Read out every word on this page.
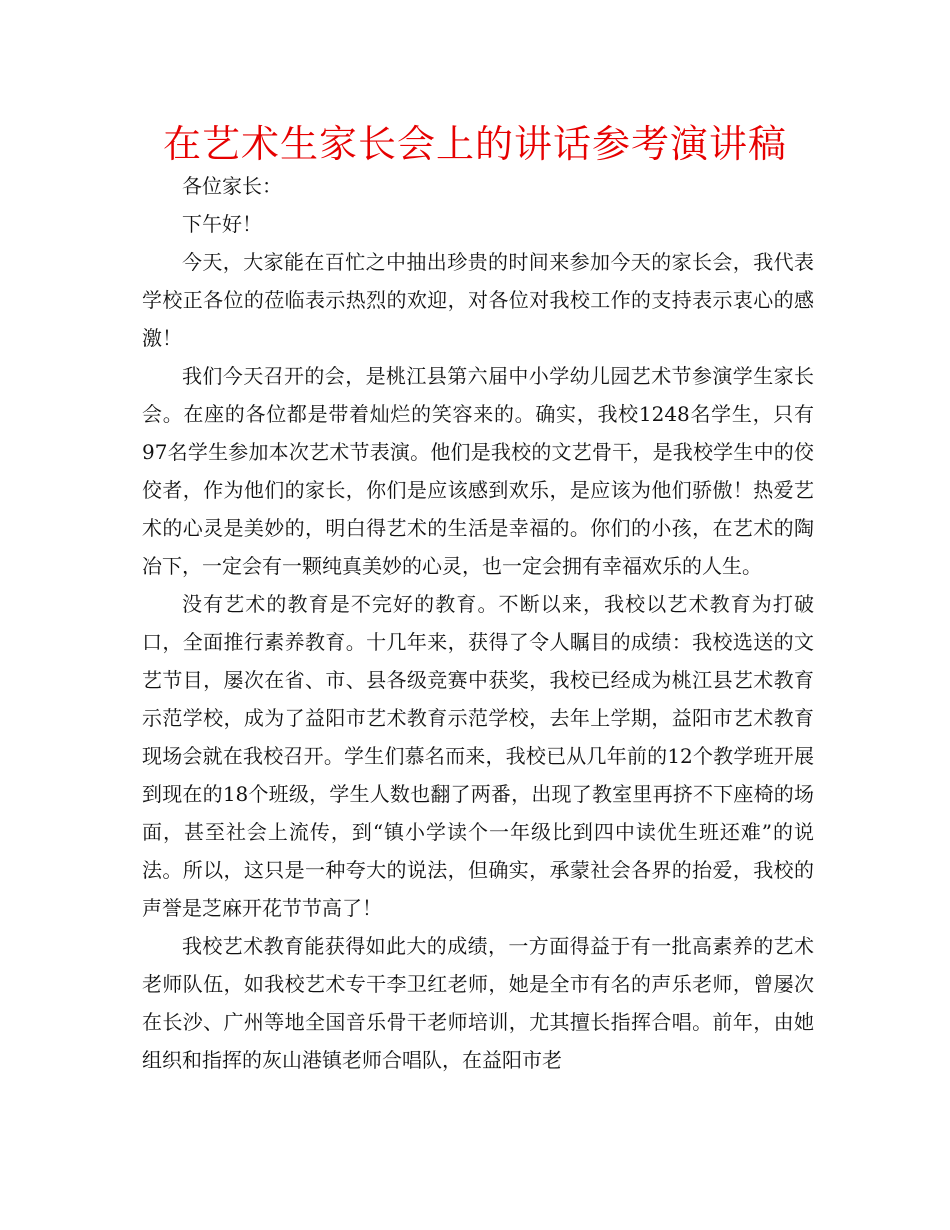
在艺术生家长会上的讲话参考演讲稿

各位家长：

下午好！

今天，大家能在百忙之中抽出珍贵的时间来参加今天的家长会，我代表学校正各位的莅临表示热烈的欢迎，对各位对我校工作的支持表示衷心的感激！

我们今天召开的会，是桃江县第六届中小学幼儿园艺术节参演学生家长会。在座的各位都是带着灿烂的笑容来的。确实，我校1248名学生，只有97名学生参加本次艺术节表演。他们是我校的文艺骨干，是我校学生中的佼佼者，作为他们的家长，你们是应该感到欢乐，是应该为他们骄傲！热爱艺术的心灵是美妙的，明白得艺术的生活是幸福的。你们的小孩，在艺术的陶冶下，一定会有一颗纯真美妙的心灵，也一定会拥有幸福欢乐的人生。

没有艺术的教育是不完好的教育。不断以来，我校以艺术教育为打破口，全面推行素养教育。十几年来，获得了令人瞩目的成绩：我校选送的文艺节目，屡次在省、市、县各级竞赛中获奖，我校已经成为桃江县艺术教育示范学校，成为了益阳市艺术教育示范学校，去年上学期，益阳市艺术教育现场会就在我校召开。学生们慕名而来，我校已从几年前的12个教学班开展到现在的18个班级，学生人数也翻了两番，出现了教室里再挤不下座椅的场面，甚至社会上流传，到“镇小学读个一年级比到四中读优生班还难”的说法。所以，这只是一种夸大的说法，但确实，承蒙社会各界的抬爱，我校的声誉是芝麻开花节节高了！

我校艺术教育能获得如此大的成绩，一方面得益于有一批高素养的艺术老师队伍，如我校艺术专干李卫红老师，她是全市有名的声乐老师，曾屡次在长沙、广州等地全国音乐骨干老师培训，尤其擅长指挥合唱。前年，由她组织和指挥的灰山港镇老师合唱队，在益阳市老
